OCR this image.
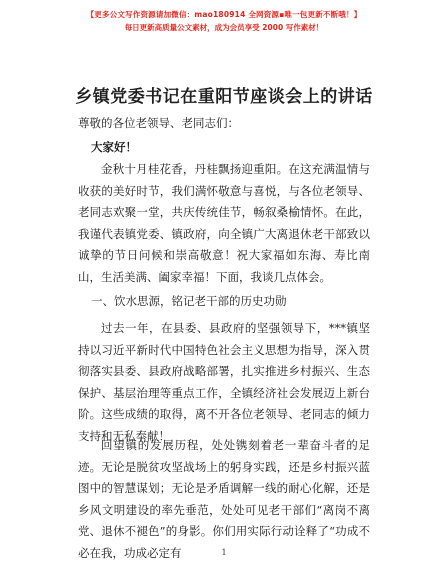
【更多公文写作资源请加微信：mao180914 全网资源▪唯一包更新不断哦！】
每日更新高质量公文素材，成为会员享受 2000 写作素材！
乡镇党委书记在重阳节座谈会上的讲话
尊敬的各位老领导、老同志们：
大家好！

金秋十月桂花香，丹桂飘扬迎重阳。在这充满温情与收获的美好时节，我们满怀敬意与喜悦，与各位老领导、老同志欢聚一堂，共庆传统佳节，畅叙桑榆情怀。在此，我谨代表镇党委、镇政府，向全镇广大离退休老干部致以诚挚的节日问候和崇高敬意！祝大家福如东海、寿比南山，生活美满、阖家幸福！下面，我谈几点体会。

一、饮水思源，铭记老干部的历史功勋

过去一年，在县委、县政府的坚强领导下，***镇坚持以习近平新时代中国特色社会主义思想为指导，深入贯彻落实县委、县政府战略部署，扎实推进乡村振兴、生态保护、基层治理等重点工作，全镇经济社会发展迈上新台阶。这些成绩的取得，离不开各位老领导、老同志的倾力支持和无私奉献！

回望镇的发展历程，处处镌刻着老一辈奋斗者的足迹。无论是脱贫攻坚战场上的躬身实践，还是乡村振兴蓝图中的智慧谋划；无论是矛盾调解一线的耐心化解，还是乡风文明建设的率先垂范，处处可见老干部们“离岗不离党、退休不褪色”的身影。你们用实际行动诠释了“功成不必在我，功成必定有	1
